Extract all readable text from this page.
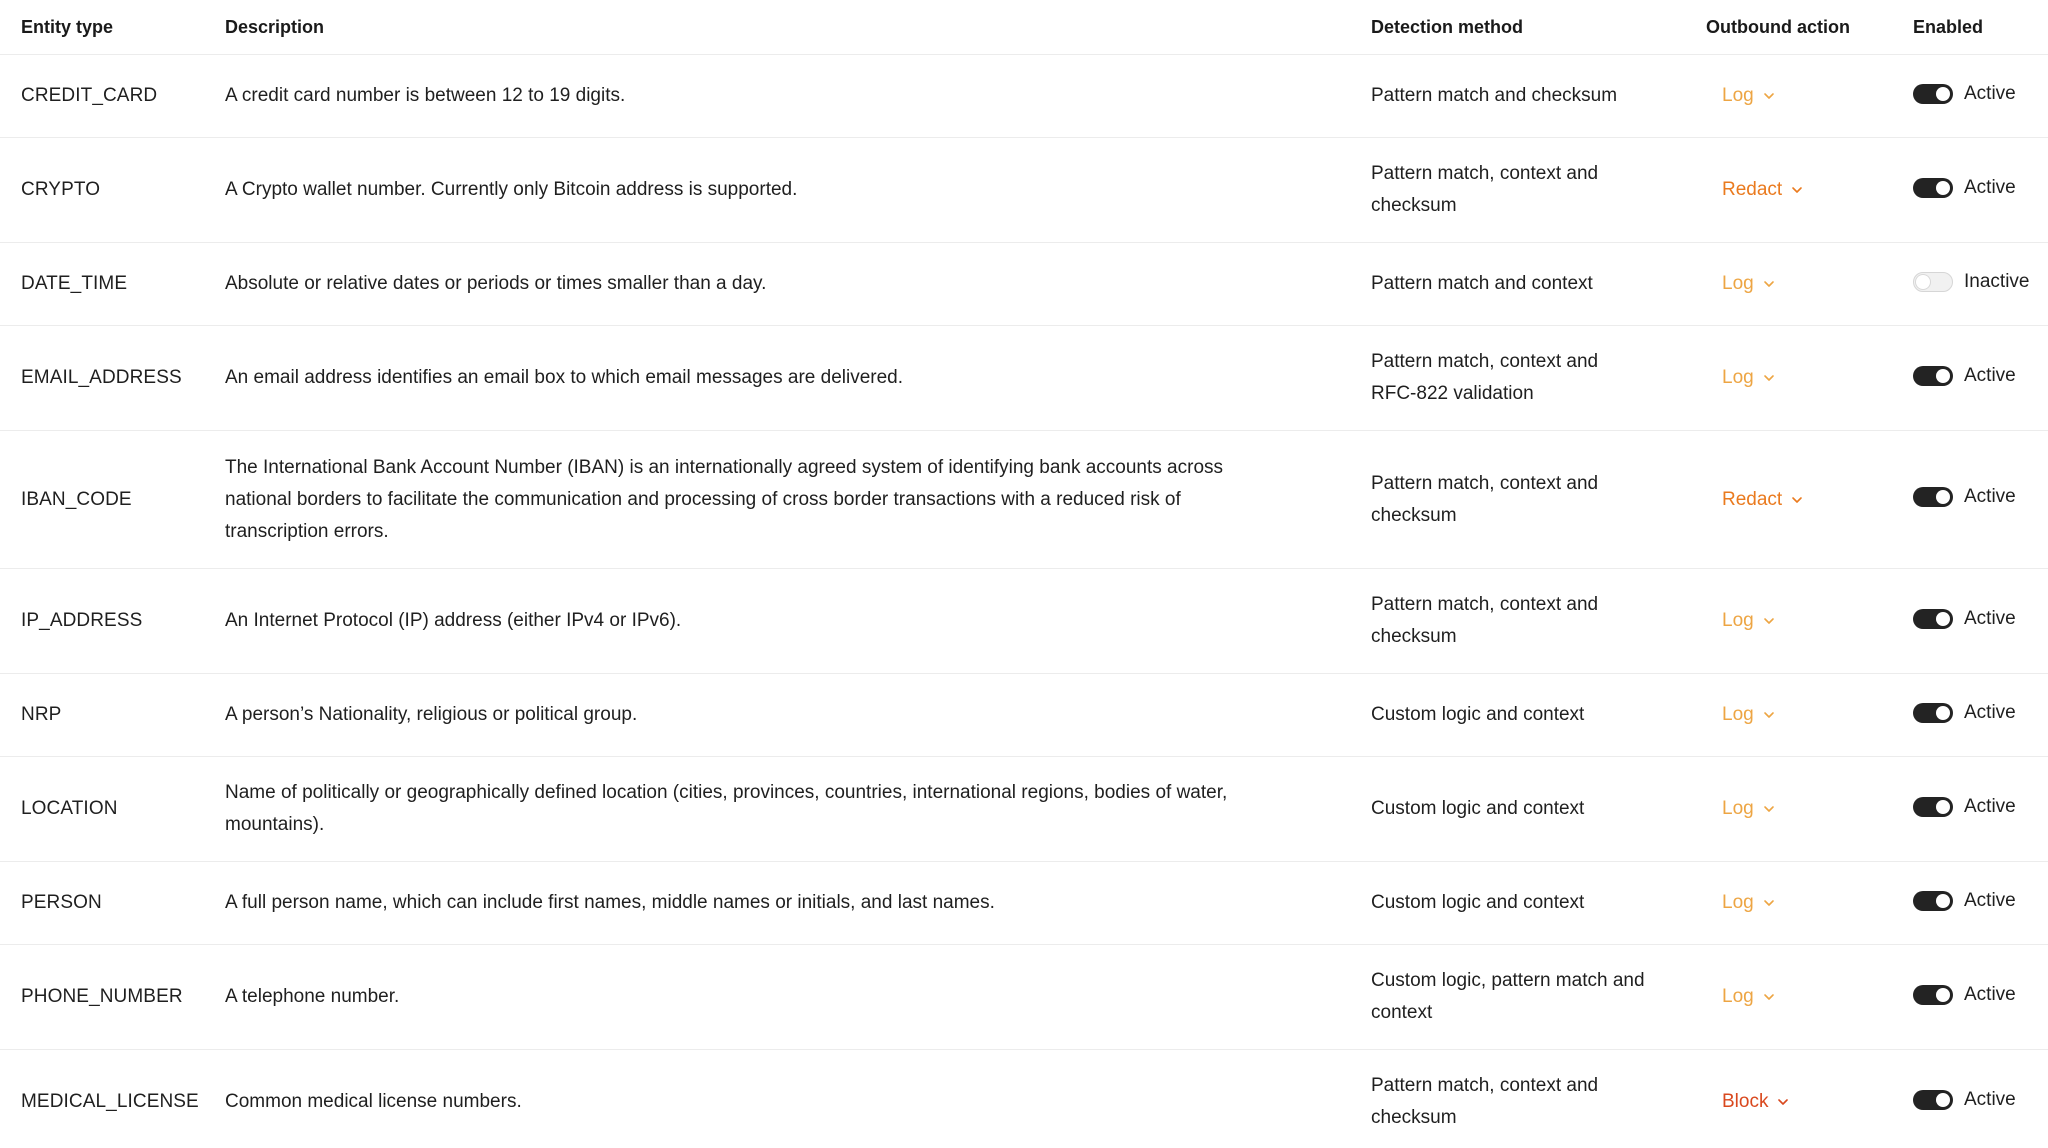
Entity type	Description	Detection method	Outbound action	Enabled
CREDIT_CARD	A credit card number is between 12 to 19 digits.	Pattern match and checksum	Log	Active

CRYPTO	A Crypto wallet number. Currently only Bitcoin address is supported.	Pattern match, context and
checksum	Redact	Active

DATE_TIME	Absolute or relative dates or periods or times smaller than a day.	Pattern match and context	Log	Inactive

EMAIL_ADDRESS	An email address identifies an email box to which email messages are delivered.	Pattern match, context and
RFC-822 validation	Log	Active

IBAN_CODE	The International Bank Account Number (IBAN) is an internationally agreed system of identifying bank accounts across
national borders to facilitate the communication and processing of cross border transactions with a reduced risk of
transcription errors.	Pattern match, context and
checksum	Redact	Active

IP_ADDRESS	An Internet Protocol (IP) address (either IPv4 or IPv6).	Pattern match, context and
checksum	Log	Active

NRP	A person’s Nationality, religious or political group.	Custom logic and context	Log	Active

LOCATION	Name of politically or geographically defined location (cities, provinces, countries, international regions, bodies of water,
mountains).	Custom logic and context	Log	Active

PERSON	A full person name, which can include first names, middle names or initials, and last names.	Custom logic and context	Log	Active

PHONE_NUMBER	A telephone number.	Custom logic, pattern match and
context	Log	Active

MEDICAL_LICENSE	Common medical license numbers.	Pattern match, context and
checksum	Block	Active
